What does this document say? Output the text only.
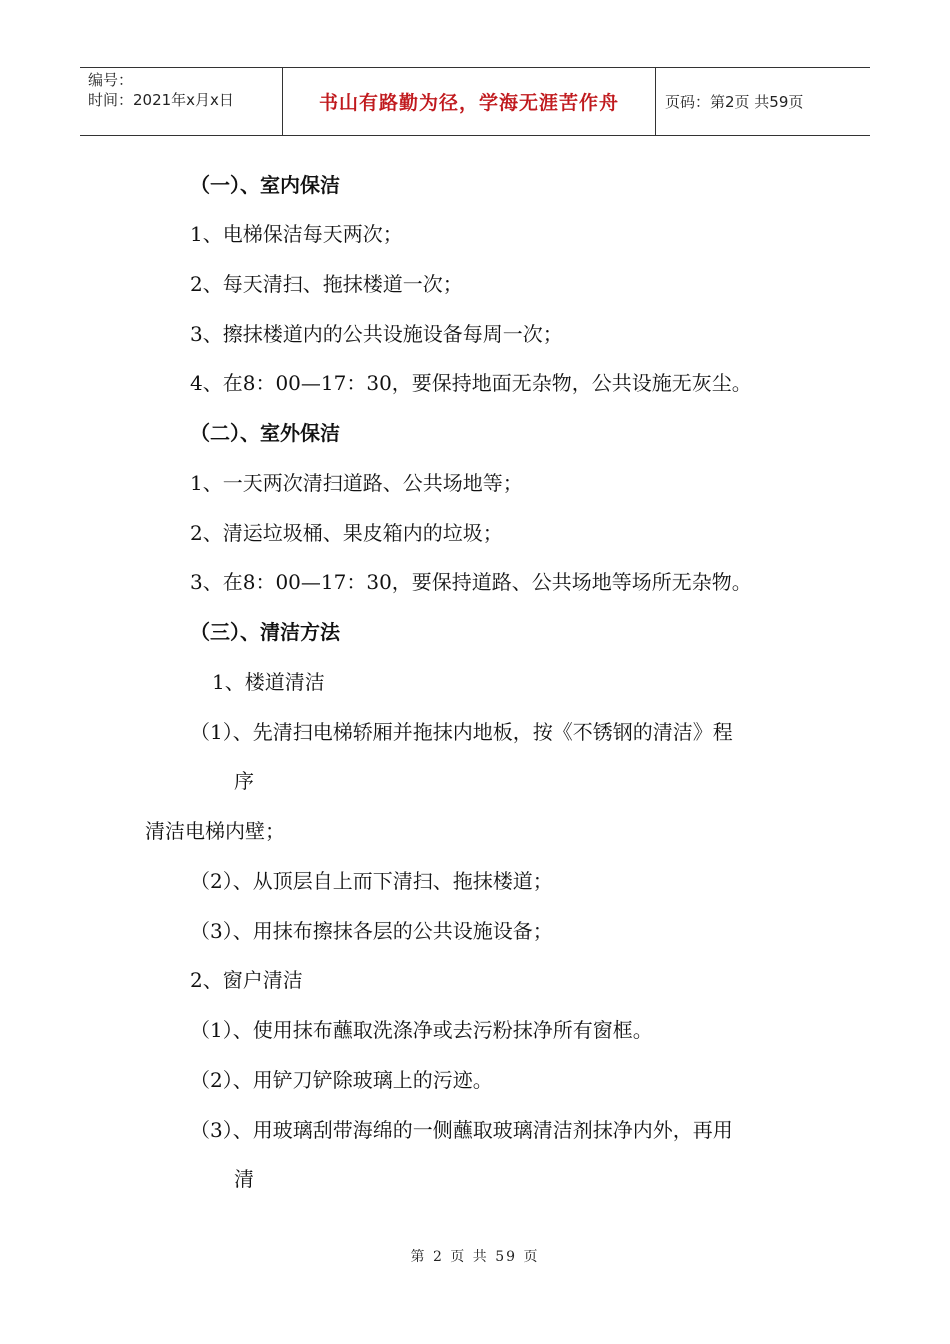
编号：
时间：2021年x月x日	书山有路勤为径，学海无涯苦作舟	页码：第2页 共59页
（一）、室内保洁
1、电梯保洁每天两次；
2、每天清扫、拖抹楼道一次；
3、擦抹楼道内的公共设施设备每周一次；
4、在8：00—17：30，要保持地面无杂物，公共设施无灰尘。
（二）、室外保洁
1、一天两次清扫道路、公共场地等；
2、清运垃圾桶、果皮箱内的垃圾；
3、在8：00—17：30，要保持道路、公共场地等场所无杂物。
（三）、清洁方法
1、楼道清洁
（1）、先清扫电梯轿厢并拖抹内地板，按《不锈钢的清洁》程
序
清洁电梯内壁；
（2）、从顶层自上而下清扫、拖抹楼道；
（3）、用抹布擦抹各层的公共设施设备；
2、窗户清洁
（1）、使用抹布蘸取洗涤净或去污粉抹净所有窗框。
（2）、用铲刀铲除玻璃上的污迹。
（3）、用玻璃刮带海绵的一侧蘸取玻璃清洁剂抹净内外，再用
清
第 2 页 共 59 页
